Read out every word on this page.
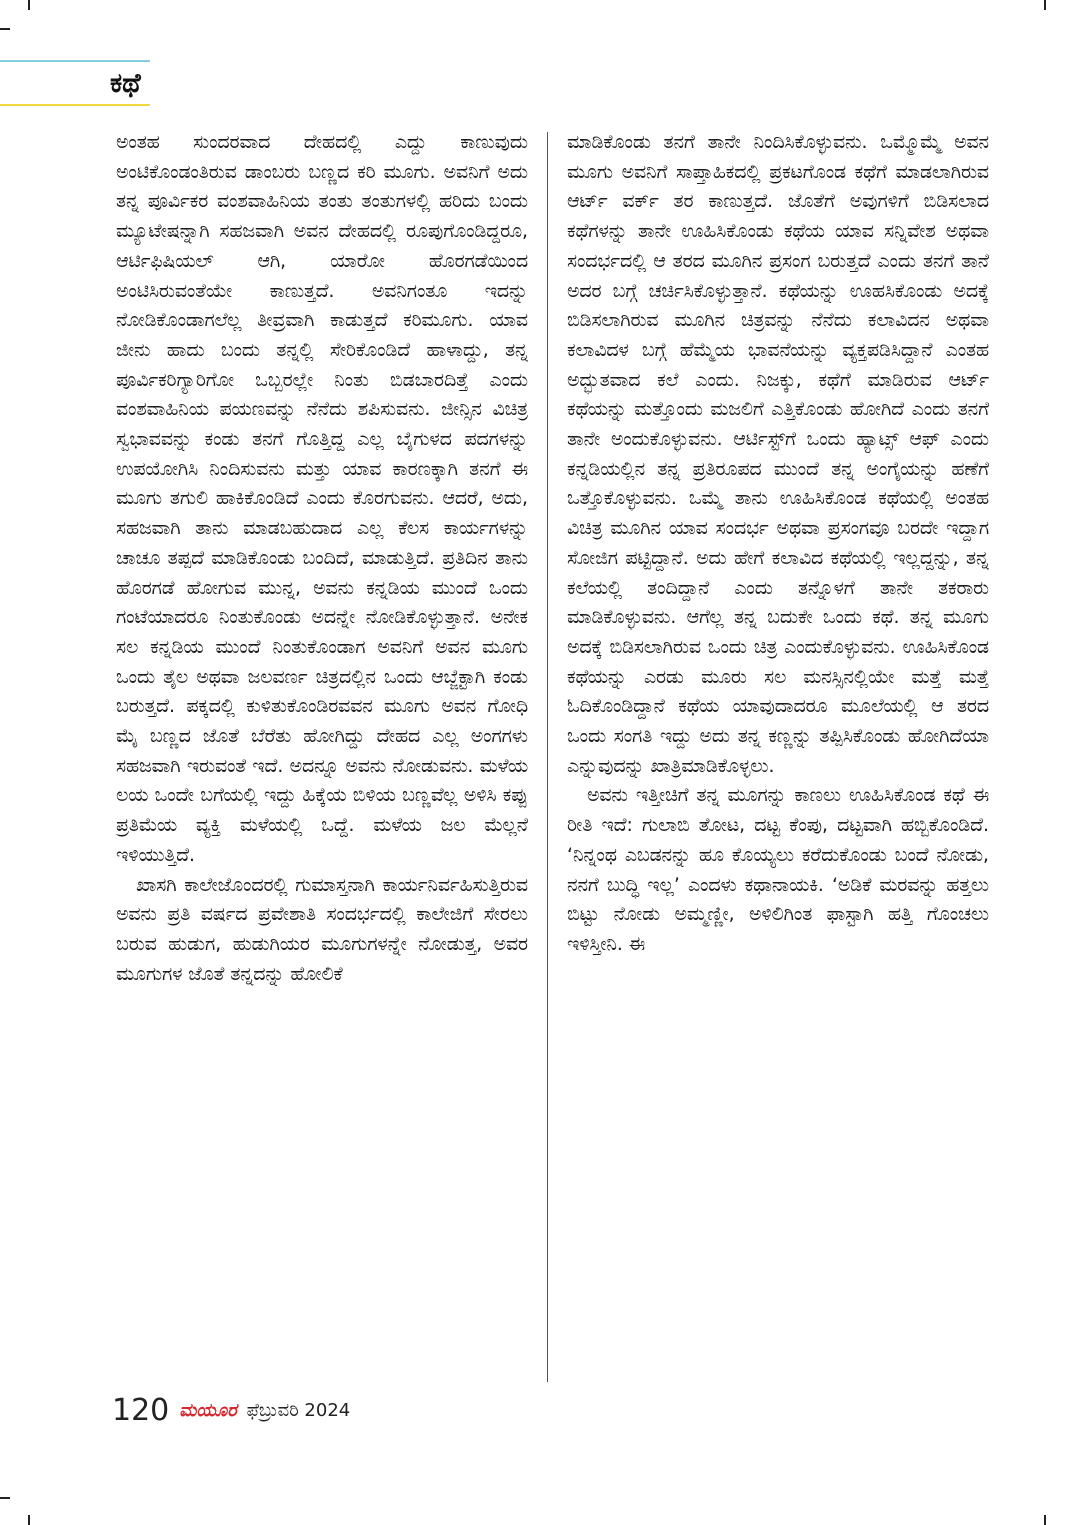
ಕಥೆ

ಅಂತಹ ಸುಂದರವಾದ ದೇಹದಲ್ಲಿ ಎದ್ದು ಕಾಣುವುದು ಅಂಟಿಕೊಂಡಂತಿರುವ ಡಾಂಬರು ಬಣ್ಣದ ಕರಿ ಮೂಗು. ಅವನಿಗೆ ಅದು ತನ್ನ ಪೂರ್ವಿಕರ ವಂಶವಾಹಿನಿಯ ತಂತು ತಂತುಗಳಲ್ಲಿ ಹರಿದು ಬಂದು ಮ್ಯೂಟೇಷನ್ನಾಗಿ ಸಹಜವಾಗಿ ಅವನ ದೇಹದಲ್ಲಿ ರೂಪುಗೊಂಡಿದ್ದರೂ, ಆರ್ಟಿಫಿಷಿಯಲ್ ಆಗಿ, ಯಾರೋ ಹೊರಗಡೆಯಿಂದ ಅಂಟಿಸಿರುವಂತೆಯೇ ಕಾಣುತ್ತದೆ. ಅವನಿಗಂತೂ ಇದನ್ನು ನೋಡಿಕೊಂಡಾಗಲೆಲ್ಲ ತೀವ್ರವಾಗಿ ಕಾಡುತ್ತದೆ ಕರಿಮೂಗು. ಯಾವ ಜೀನು ಹಾದು ಬಂದು ತನ್ನಲ್ಲಿ ಸೇರಿಕೊಂಡಿದೆ ಹಾಳಾದ್ದು, ತನ್ನ ಪೂರ್ವಿಕರಿಗ್ಯಾರಿಗೋ ಒಬ್ಬರಲ್ಲೇ ನಿಂತು ಬಿಡಬಾರದಿತ್ತೆ ಎಂದು ವಂಶವಾಹಿನಿಯ ಪಯಣವನ್ನು ನೆನೆದು ಶಪಿಸುವನು. ಜೀನ್ಸಿನ ವಿಚಿತ್ರ ಸ್ವಭಾವವನ್ನು ಕಂಡು ತನಗೆ ಗೊತ್ತಿದ್ದ ಎಲ್ಲ ಬೈಗುಳದ ಪದಗಳನ್ನು ಉಪಯೋಗಿಸಿ ನಿಂದಿಸುವನು ಮತ್ತು ಯಾವ ಕಾರಣಕ್ಕಾಗಿ ತನಗೆ ಈ ಮೂಗು ತಗುಲಿ ಹಾಕಿಕೊಂಡಿದೆ ಎಂದು ಕೊರಗುವನು. ಆದರೆ, ಅದು, ಸಹಜವಾಗಿ ತಾನು ಮಾಡಬಹುದಾದ ಎಲ್ಲ ಕೆಲಸ ಕಾರ್ಯಗಳನ್ನು ಚಾಚೂ ತಪ್ಪದೆ ಮಾಡಿಕೊಂಡು ಬಂದಿದೆ, ಮಾಡುತ್ತಿದೆ. ಪ್ರತಿದಿನ ತಾನು ಹೊರಗಡೆ ಹೋಗುವ ಮುನ್ನ, ಅವನು ಕನ್ನಡಿಯ ಮುಂದೆ ಒಂದು ಗಂಟೆಯಾದರೂ ನಿಂತುಕೊಂಡು ಅದನ್ನೇ ನೋಡಿಕೊಳ್ಳುತ್ತಾನೆ. ಅನೇಕ ಸಲ ಕನ್ನಡಿಯ ಮುಂದೆ ನಿಂತುಕೊಂಡಾಗ ಅವನಿಗೆ ಅವನ ಮೂಗು ಒಂದು ತೈಲ ಅಥವಾ ಜಲವರ್ಣ ಚಿತ್ರದಲ್ಲಿನ ಒಂದು ಆಬ್ಜೆಕ್ಟಾಗಿ ಕಂಡು ಬರುತ್ತದೆ. ಪಕ್ಕದಲ್ಲಿ ಕುಳಿತುಕೊಂಡಿರವವನ ಮೂಗು ಅವನ ಗೋಧಿ ಮೈ ಬಣ್ಣದ ಜೊತೆ ಬೆರೆತು ಹೋಗಿದ್ದು ದೇಹದ ಎಲ್ಲ ಅಂಗಗಳು ಸಹಜವಾಗಿ ಇರುವಂತೆ ಇದೆ. ಅದನ್ನೂ ಅವನು ನೋಡುವನು. ಮಳೆಯ ಲಯ ಒಂದೇ ಬಗೆಯಲ್ಲಿ ಇದ್ದು ಹಿಕ್ಕೆಯ ಬಿಳಿಯ ಬಣ್ಣವೆಲ್ಲ ಅಳಿಸಿ ಕಪ್ಪು ಪ್ರತಿಮೆಯ ವ್ಯಕ್ತಿ ಮಳೆಯಲ್ಲಿ ಒದ್ದೆ. ಮಳೆಯ ಜಲ ಮೆಲ್ಲನೆ ಇಳಿಯುತ್ತಿದೆ.

ಖಾಸಗಿ ಕಾಲೇಜೊಂದರಲ್ಲಿ ಗುಮಾಸ್ತನಾಗಿ ಕಾರ್ಯನಿರ್ವಹಿಸುತ್ತಿರುವ ಅವನು ಪ್ರತಿ ವರ್ಷದ ಪ್ರವೇಶಾತಿ ಸಂದರ್ಭದಲ್ಲಿ ಕಾಲೇಜಿಗೆ ಸೇರಲು ಬರುವ ಹುಡುಗ, ಹುಡುಗಿಯರ ಮೂಗುಗಳನ್ನೇ ನೋಡುತ್ತ, ಅವರ ಮೂಗುಗಳ ಜೊತೆ ತನ್ನದನ್ನು ಹೋಲಿಕೆ

ಮಾಡಿಕೊಂಡು ತನಗೆ ತಾನೇ ನಿಂದಿಸಿಕೊಳ್ಳುವನು. ಒಮ್ಮೊಮ್ಮೆ ಅವನ ಮೂಗು ಅವನಿಗೆ ಸಾಪ್ತಾಹಿಕದಲ್ಲಿ ಪ್ರಕಟಗೊಂಡ ಕಥೆಗೆ ಮಾಡಲಾಗಿರುವ ಆರ್ಟ್ ವರ್ಕ್ ತರ ಕಾಣುತ್ತದೆ. ಜೊತೆಗೆ ಅವುಗಳಿಗೆ ಬಿಡಿಸಲಾದ ಕಥೆಗಳನ್ನು ತಾನೇ ಊಹಿಸಿಕೊಂಡು ಕಥೆಯ ಯಾವ ಸನ್ನಿವೇಶ ಅಥವಾ ಸಂದರ್ಭದಲ್ಲಿ ಆ ತರದ ಮೂಗಿನ ಪ್ರಸಂಗ ಬರುತ್ತದೆ ಎಂದು ತನಗೆ ತಾನೆ ಅದರ ಬಗ್ಗೆ ಚರ್ಚಿಸಿಕೊಳ್ಳುತ್ತಾನೆ. ಕಥೆಯನ್ನು ಊಹಸಿಕೊಂಡು ಅದಕ್ಕೆ ಬಿಡಿಸಲಾಗಿರುವ ಮೂಗಿನ ಚಿತ್ರವನ್ನು ನೆನೆದು ಕಲಾವಿದನ ಅಥವಾ ಕಲಾವಿದಳ ಬಗ್ಗೆ ಹೆಮ್ಮೆಯ ಭಾವನೆಯನ್ನು ವ್ಯಕ್ತಪಡಿಸಿದ್ದಾನೆ ಎಂತಹ ಅದ್ಭುತವಾದ ಕಲೆ ಎಂದು. ನಿಜಕ್ಕು, ಕಥೆಗೆ ಮಾಡಿರುವ ಆರ್ಟ್ ಕಥೆಯನ್ನು ಮತ್ತೊಂದು ಮಜಲಿಗೆ ಎತ್ತಿಕೊಂಡು ಹೋಗಿದೆ ಎಂದು ತನಗೆ ತಾನೇ ಅಂದುಕೊಳ್ಳುವನು. ಆರ್ಟಿಸ್ಟ್‌ಗೆ ಒಂದು ಹ್ಯಾಟ್ಸ್ ಆಫ್ ಎಂದು ಕನ್ನಡಿಯಲ್ಲಿನ ತನ್ನ ಪ್ರತಿರೂಪದ ಮುಂದೆ ತನ್ನ ಅಂಗೈಯನ್ನು ಹಣೆಗೆ ಒತ್ತೊಕೊಳ್ಳುವನು. ಒಮ್ಮೆ ತಾನು ಊಹಿಸಿಕೊಂಡ ಕಥೆಯಲ್ಲಿ ಅಂತಹ ವಿಚಿತ್ರ ಮೂಗಿನ ಯಾವ ಸಂದರ್ಭ ಅಥವಾ ಪ್ರಸಂಗವೂ ಬರದೇ ಇದ್ದಾಗ ಸೋಜಿಗ ಪಟ್ಟಿದ್ದಾನೆ. ಅದು ಹೇಗೆ ಕಲಾವಿದ ಕಥೆಯಲ್ಲಿ ಇಲ್ಲದ್ದನ್ನು, ತನ್ನ ಕಲೆಯಲ್ಲಿ ತಂದಿದ್ದಾನೆ ಎಂದು ತನ್ನೊಳಗೆ ತಾನೇ ತಕರಾರು ಮಾಡಿಕೊಳ್ಳುವನು. ಆಗೆಲ್ಲ ತನ್ನ ಬದುಕೇ ಒಂದು ಕಥೆ. ತನ್ನ ಮೂಗು ಅದಕ್ಕೆ ಬಿಡಿಸಲಾಗಿರುವ ಒಂದು ಚಿತ್ರ ಎಂದುಕೊಳ್ಳುವನು. ಊಹಿಸಿಕೊಂಡ ಕಥೆಯನ್ನು ಎರಡು ಮೂರು ಸಲ ಮನಸ್ಸಿನಲ್ಲಿಯೇ ಮತ್ತೆ ಮತ್ತೆ ಓದಿಕೊಂಡಿದ್ದಾನೆ ಕಥೆಯ ಯಾವುದಾದರೂ ಮೂಲೆಯಲ್ಲಿ ಆ ತರದ ಒಂದು ಸಂಗತಿ ಇದ್ದು ಅದು ತನ್ನ ಕಣ್ಣನ್ನು ತಪ್ಪಿಸಿಕೊಂಡು ಹೋಗಿದೆಯಾ ಎನ್ನುವುದನ್ನು ಖಾತ್ರಿಮಾಡಿಕೊಳ್ಳಲು.

ಅವನು ಇತ್ತೀಚಿಗೆ ತನ್ನ ಮೂಗನ್ನು ಕಾಣಲು ಊಹಿಸಿಕೊಂಡ ಕಥೆ ಈ ರೀತಿ ಇದೆ: ಗುಲಾಬಿ ತೋಟ, ದಟ್ಟ ಕೆಂಪು, ದಟ್ಟವಾಗಿ ಹಬ್ಬಿಕೊಂಡಿದೆ. ‘ನಿನ್ನಂಥ ಎಬಡನನ್ನು ಹೂ ಕೊಯ್ಯಲು ಕರೆದುಕೊಂಡು ಬಂದೆ ನೋಡು, ನನಗೆ ಬುದ್ಧಿ ಇಲ್ಲ’ ಎಂದಳು ಕಥಾನಾಯಕಿ. ‘ಅಡಿಕೆ ಮರವನ್ನು ಹತ್ತಲು ಬಿಟ್ಟು ನೋಡು ಅಮ್ಮಣ್ಣೀ, ಅಳಿಲಿಗಿಂತ ಫಾಸ್ಟಾಗಿ ಹತ್ತಿ ಗೊಂಚಲು ಇಳಿಸ್ತೀನಿ. ಈ

120 ಮಯೂರ ಫೆಬ್ರುವರಿ 2024
